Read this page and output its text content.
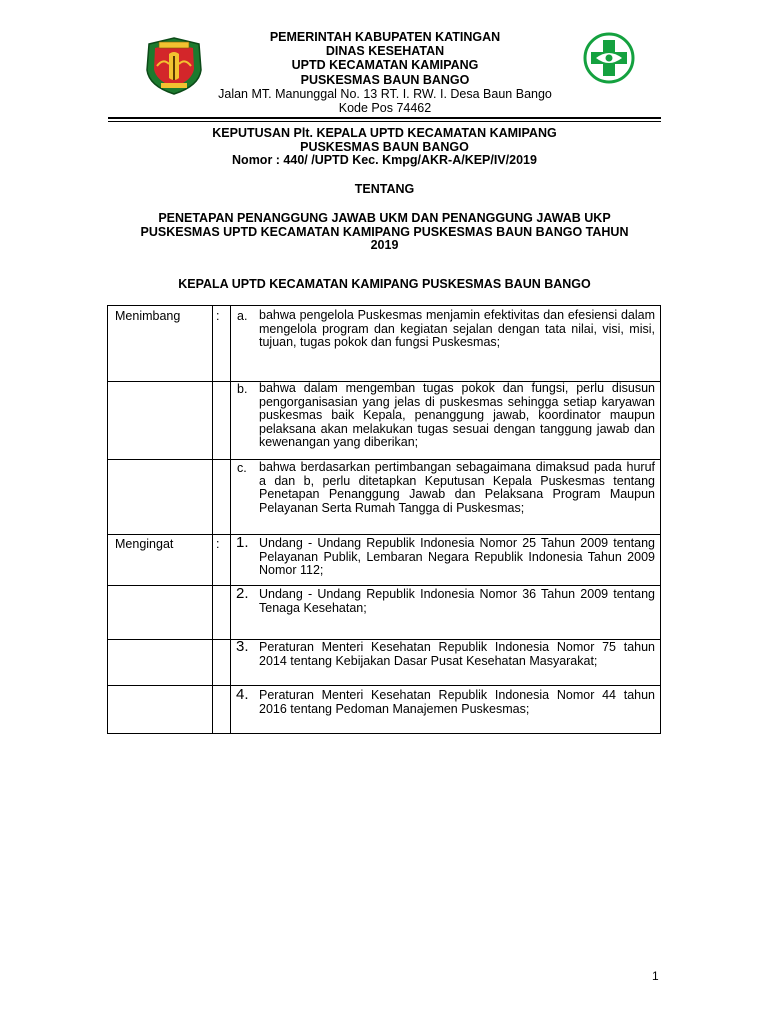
PEMERINTAH KABUPATEN KATINGAN
DINAS KESEHATAN
UPTD KECAMATAN KAMIPANG
PUSKESMAS BAUN BANGO
Jalan MT. Manunggal No. 13 RT. I. RW. I. Desa Baun Bango
Kode Pos 74462
KEPUTUSAN Plt. KEPALA UPTD KECAMATAN KAMIPANG
PUSKESMAS BAUN BANGO
Nomor : 440/ /UPTD Kec. Kmpg/AKR-A/KEP/IV/2019
TENTANG
PENETAPAN PENANGGUNG JAWAB UKM DAN PENANGGUNG JAWAB UKP
PUSKESMAS UPTD KECAMATAN KAMIPANG PUSKESMAS BAUN BANGO TAHUN
2019
KEPALA UPTD KECAMATAN KAMIPANG PUSKESMAS BAUN BANGO
Menimbang	: a. bahwa pengelola Puskesmas menjamin efektivitas dan efesiensi dalam mengelola program dan kegiatan sejalan dengan tata nilai, visi, misi, tujuan, tugas pokok dan fungsi Puskesmas;
b. bahwa dalam mengemban tugas pokok dan fungsi, perlu disusun pengorganisasian yang jelas di puskesmas sehingga setiap karyawan puskesmas baik Kepala, penanggung jawab, koordinator maupun pelaksana akan melakukan tugas sesuai dengan tanggung jawab dan kewenangan yang diberikan;
c. bahwa berdasarkan pertimbangan sebagaimana dimaksud pada huruf a dan b, perlu ditetapkan Keputusan Kepala Puskesmas tentang Penetapan Penanggung Jawab dan Pelaksana Program Maupun Pelayanan Serta Rumah Tangga di Puskesmas;
Mengingat	: 1. Undang - Undang Republik Indonesia Nomor 25 Tahun 2009 tentang Pelayanan Publik, Lembaran Negara Republik Indonesia Tahun 2009 Nomor 112;
2. Undang - Undang Republik Indonesia Nomor 36 Tahun 2009 tentang Tenaga Kesehatan;
3. Peraturan Menteri Kesehatan Republik Indonesia Nomor 75 tahun 2014 tentang Kebijakan Dasar Pusat Kesehatan Masyarakat;
4. Peraturan Menteri Kesehatan Republik Indonesia Nomor 44 tahun 2016 tentang Pedoman Manajemen Puskesmas;
1
